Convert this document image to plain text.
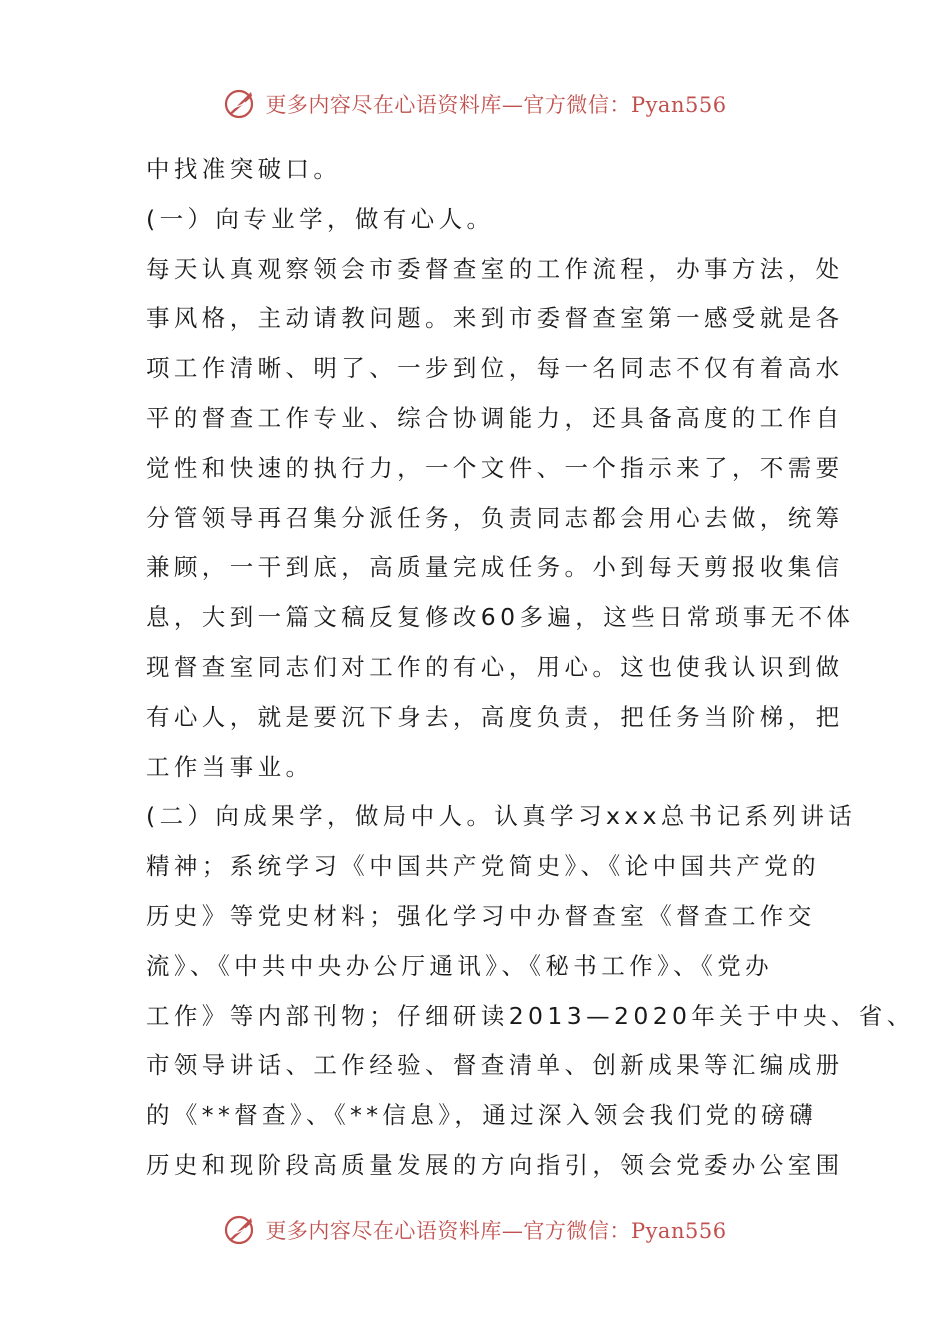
更多内容尽在心语资料库—官方微信：Pyan556
中找准突破口。
(一）向专业学，做有心人。
每天认真观察领会市委督查室的工作流程，办事方法，处
事风格，主动请教问题。来到市委督查室第一感受就是各
项工作清晰、明了、一步到位，每一名同志不仅有着高水
平的督查工作专业、综合协调能力，还具备高度的工作自
觉性和快速的执行力，一个文件、一个指示来了，不需要
分管领导再召集分派任务，负责同志都会用心去做，统筹
兼顾，一干到底，高质量完成任务。小到每天剪报收集信
息，大到一篇文稿反复修改60多遍，这些日常琐事无不体
现督查室同志们对工作的有心，用心。这也使我认识到做
有心人，就是要沉下身去，高度负责，把任务当阶梯，把
工作当事业。
(二）向成果学，做局中人。认真学习xxx总书记系列讲话
精神；系统学习《中国共产党简史》、《论中国共产党的
历史》等党史材料；强化学习中办督查室《督查工作交
流》、《中共中央办公厅通讯》、《秘书工作》、《党办
工作》等内部刊物；仔细研读2013—2020年关于中央、省、
市领导讲话、工作经验、督查清单、创新成果等汇编成册
的《**督查》、《**信息》，通过深入领会我们党的磅礴
历史和现阶段高质量发展的方向指引，领会党委办公室围
更多内容尽在心语资料库—官方微信：Pyan556
